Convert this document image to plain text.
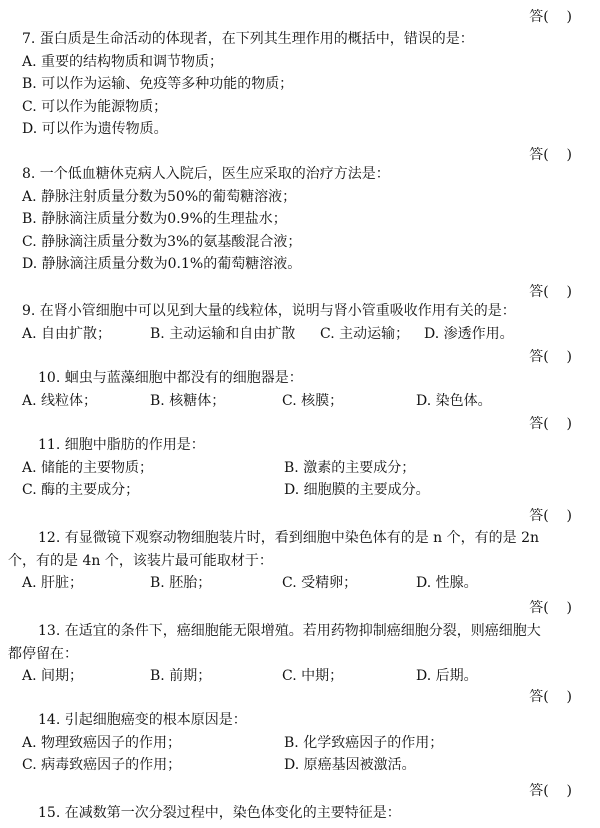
答(    )
7. 蛋白质是生命活动的体现者，在下列其生理作用的概括中，错误的是：
A. 重要的结构物质和调节物质；
B. 可以作为运输、免疫等多种功能的物质；
C. 可以作为能源物质；
D. 可以作为遗传物质。
答(    )
8. 一个低血糖休克病人入院后，医生应采取的治疗方法是：
A. 静脉注射质量分数为50%的葡萄糖溶液；
B. 静脉滴注质量分数为0.9%的生理盐水；
C. 静脉滴注质量分数为3%的氨基酸混合液；
D. 静脉滴注质量分数为0.1%的葡萄糖溶液。
答(    )
9. 在肾小管细胞中可以见到大量的线粒体，说明与肾小管重吸收作用有关的是：
A. 自由扩散；	B. 主动运输和自由扩散	C. 主动运输；	D. 渗透作用。
答(    )
10. 蛔虫与蓝藻细胞中都没有的细胞器是：
A. 线粒体；	B. 核糖体；	C. 核膜；	D. 染色体。
答(    )
11. 细胞中脂肪的作用是：
A. 储能的主要物质；	B. 激素的主要成分；
C. 酶的主要成分；	D. 细胞膜的主要成分。
答(    )
12. 有显微镜下观察动物细胞装片时，看到细胞中染色体有的是 n 个，有的是 2n
个，有的是 4n 个，该装片最可能取材于：
A. 肝脏；	B. 胚胎；	C. 受精卵；	D. 性腺。
答(    )
13. 在适宜的条件下，癌细胞能无限增殖。若用药物抑制癌细胞分裂，则癌细胞大
都停留在：
A. 间期；	B. 前期；	C. 中期；	D. 后期。
答(    )
14. 引起细胞癌变的根本原因是：
A. 物理致癌因子的作用；	B. 化学致癌因子的作用；
C. 病毒致癌因子的作用；	D. 原癌基因被激活。
答(    )
15. 在减数第一次分裂过程中，染色体变化的主要特征是：
